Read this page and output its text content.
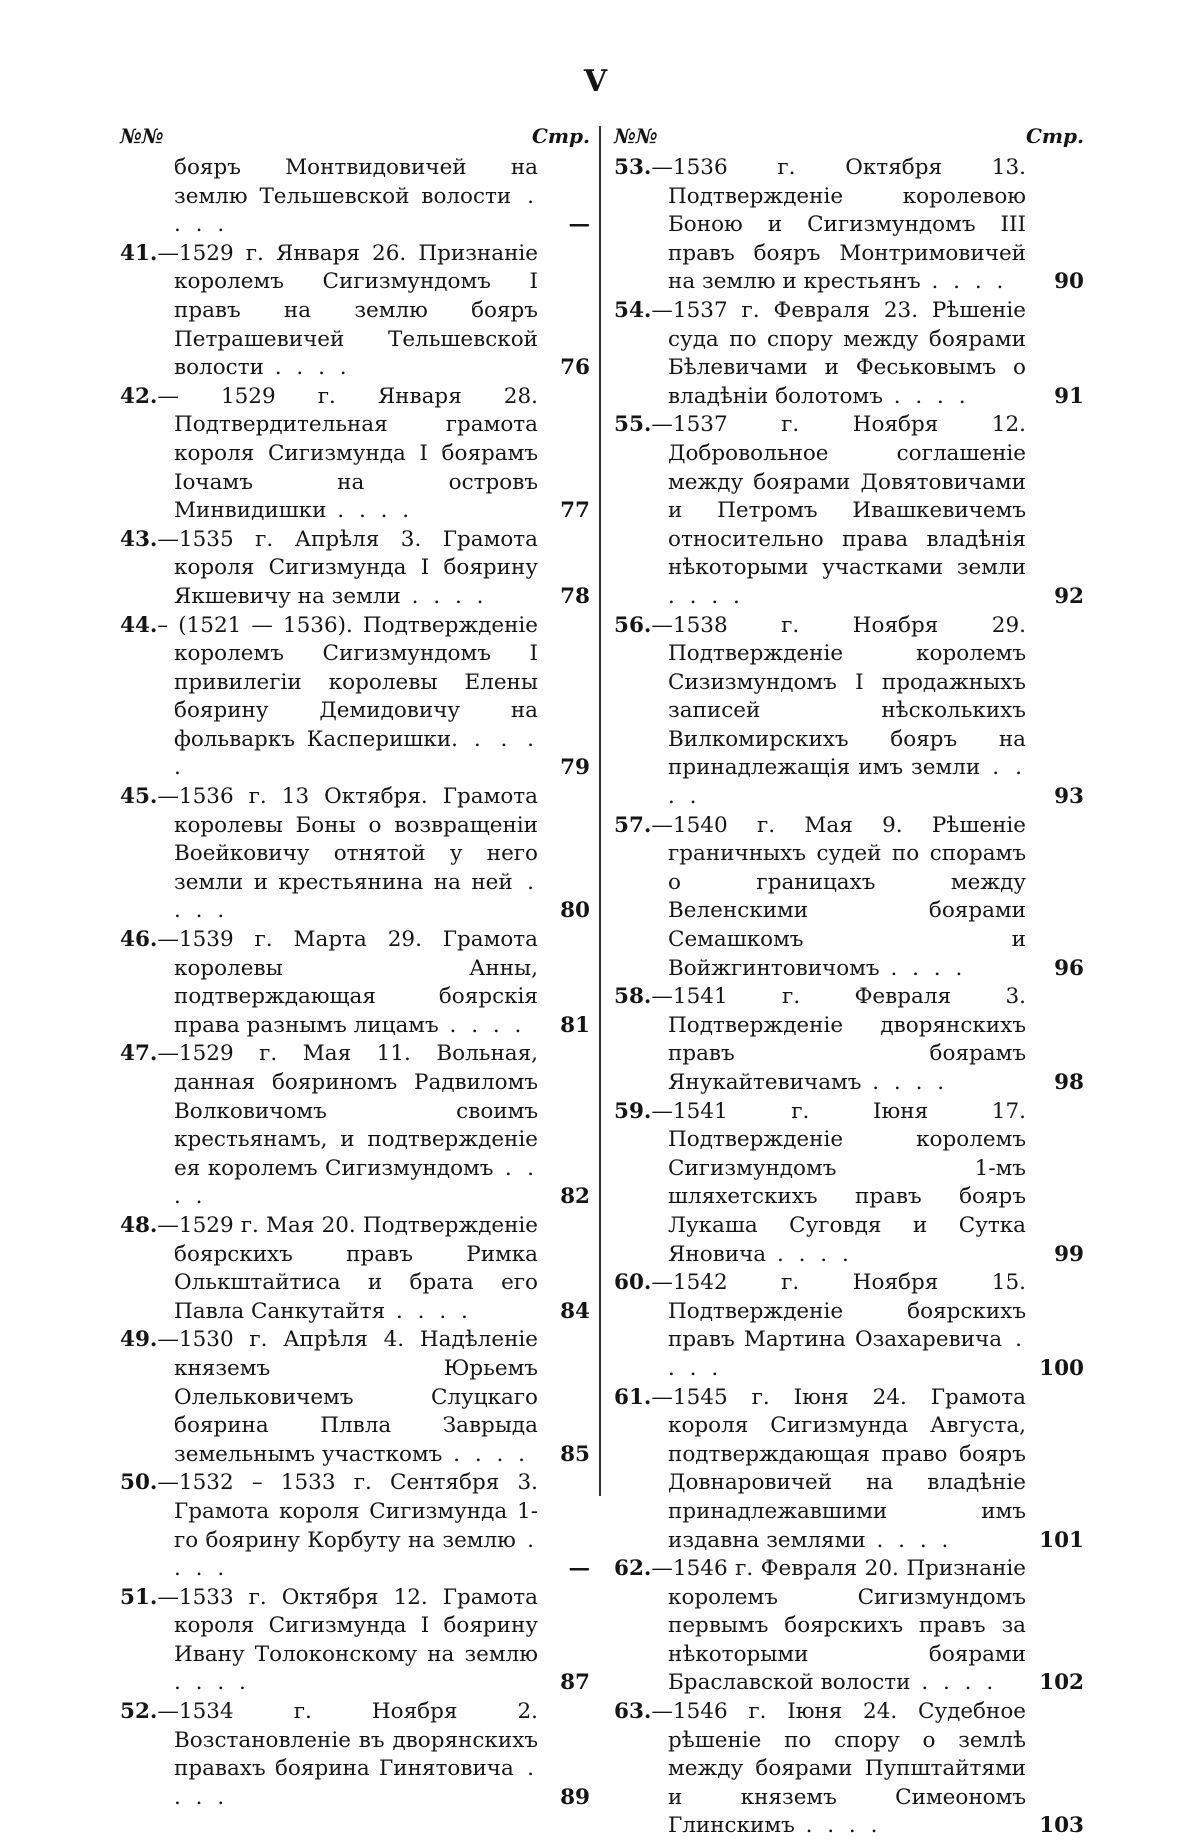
V
№№	Стр.
бояръ Монтвидовичей на землю Тельшевской волости . . . .	—
41.—1529 г. Января 26. Признаніе королемъ Сигизмундомъ I правъ на землю бояръ Петрашевичей Тельшевской волости . . . .	76
42.— 1529 г. Января 28. Подтвердительная грамота короля Сигизмунда I боярамъ Іочамъ на островъ Минвидишки . . . .	77
43.—1535 г. Апрѣля 3. Грамота короля Сигизмунда I боярину Якшевичу на земли . . . .	78
44.– (1521 — 1536). Подтвержденіе королемъ Сигизмундомъ I привилегіи королевы Елены боярину Демидовичу на фольваркъ Касперишки. . . . .	79
45.—1536 г. 13 Октября. Грамота королевы Боны о возвращеніи Воейковичу отнятой у него земли и крестьянина на ней . . . .	80
46.—1539 г. Марта 29. Грамота королевы Анны, подтверждающая боярскія права разнымъ лицамъ . . . .	81
47.—1529 г. Мая 11. Вольная, данная бояриномъ Радвиломъ Волковичомъ своимъ крестьянамъ, и подтвержденіе ея королемъ Сигизмундомъ . . . .	82
48.—1529 г. Мая 20. Подтвержденіе боярскихъ правъ Римка Олькштайтиса и брата его Павла Санкутайтя . . . .	84
49.—1530 г. Апрѣля 4. Надѣленіе княземъ Юрьемъ Олельковичемъ Слуцкаго боярина Плвла Заврыда земельнымъ участкомъ . . . .	85
50.—1532 – 1533 г. Сентября 3. Грамота короля Сигизмунда 1-го боярину Корбуту на землю . . . .	—
51.—1533 г. Октября 12. Грамота короля Сигизмунда I боярину Ивану Толоконскому на землю . . . .	87
52.—1534 г. Ноября 2. Возстановленіе въ дворянскихъ правахъ боярина Гинятовича . . . .	89
№№	Стр.
53.—1536 г. Октября 13. Подтвержденіе королевою Боною и Сигизмундомъ III правъ бояръ Монтримовичей на землю и крестьянъ . . . .	90
54.—1537 г. Февраля 23. Рѣшеніе суда по спору между боярами Бѣлевичами и Феськовымъ о владѣніи болотомъ . . . .	91
55.—1537 г. Ноября 12. Добровольное соглашеніе между боярами Довятовичами и Петромъ Ивашкевичемъ относительно права владѣнія нѣкоторыми участками земли . . . .	92
56.—1538 г. Ноября 29. Подтвержденіе королемъ Сизизмундомъ I продажныхъ записей нѣсколькихъ Вилкомирскихъ бояръ на принадлежащія имъ земли . . . .	93
57.—1540 г. Мая 9. Рѣшеніе граничныхъ судей по спорамъ о границахъ между Веленскими боярами Семашкомъ и Войжгинтовичомъ . . . .	96
58.—1541 г. Февраля 3. Подтвержденіе дворянскихъ правъ боярамъ Янукайтевичамъ . . . .	98
59.—1541 г. Іюня 17. Подтвержденіе королемъ Сигизмундомъ 1-мъ шляхетскихъ правъ бояръ Лукаша Суговдя и Сутка Яновича . . . .	99
60.—1542 г. Ноября 15. Подтвержденіе боярскихъ правъ Мартина Озахаревича . . . .	100
61.—1545 г. Іюня 24. Грамота короля Сигизмунда Августа, подтверждающая право бояръ Довнаровичей на владѣніе принадлежавшими имъ издавна землями . . . .	101
62.—1546 г. Февраля 20. Признаніе королемъ Сигизмундомъ первымъ боярскихъ правъ за нѣкоторыми боярами Браславской волости . . . .	102
63.—1546 г. Іюня 24. Судебное рѣшеніе по спору о землѣ между боярами Пупштайтями и княземъ Симеономъ Глинскимъ . . . .	103
